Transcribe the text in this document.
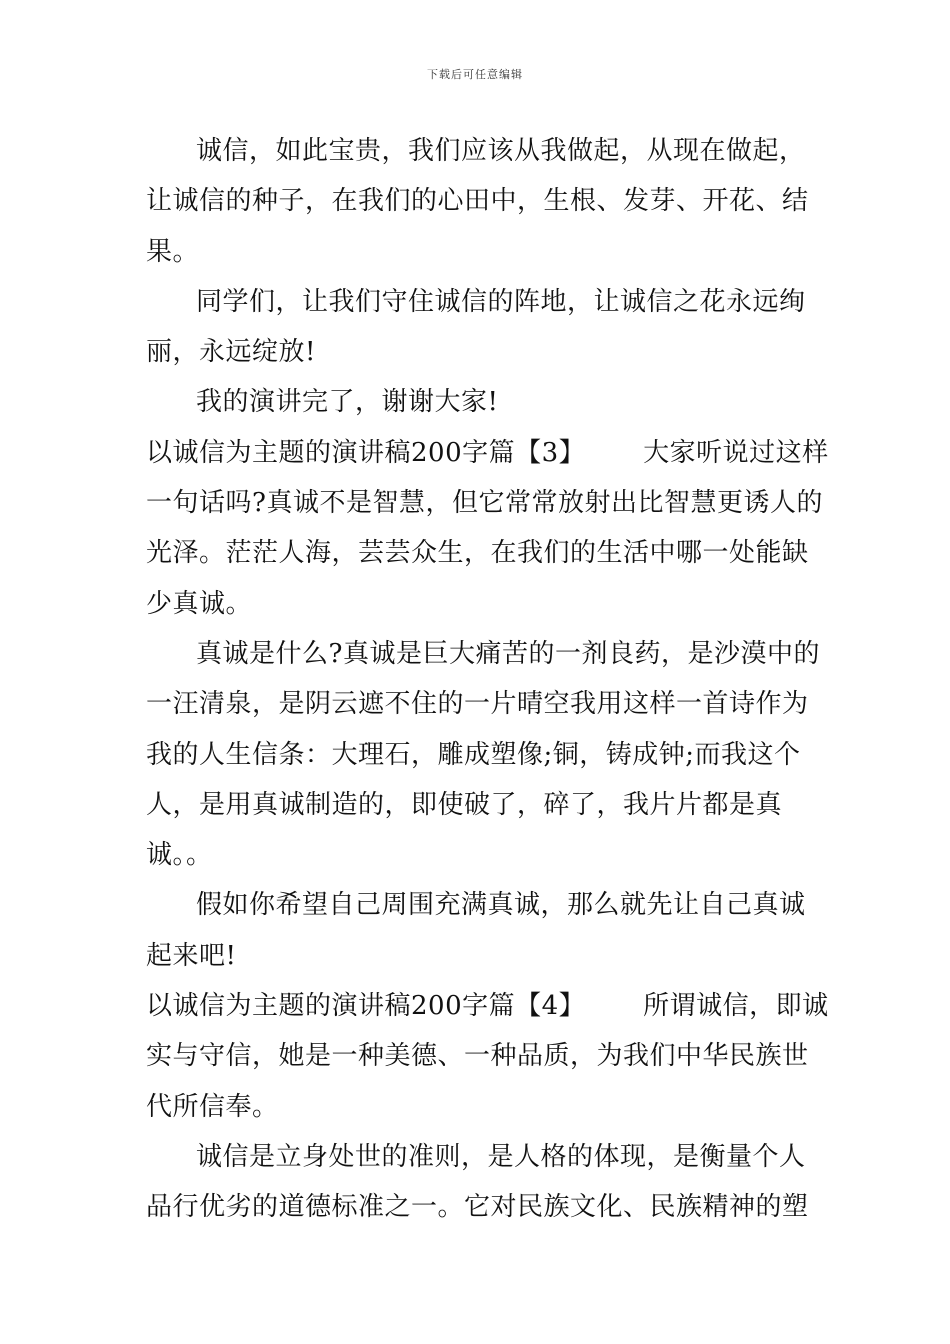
下载后可任意编辑
诚信，如此宝贵，我们应该从我做起，从现在做起，
让诚信的种子，在我们的心田中，生根、发芽、开花、结
果。
同学们，让我们守住诚信的阵地，让诚信之花永远绚
丽，永远绽放!
我的演讲完了，谢谢大家!
以诚信为主题的演讲稿200字篇【3】 大家听说过这样
一句话吗?真诚不是智慧，但它常常放射出比智慧更诱人的
光泽。茫茫人海，芸芸众生，在我们的生活中哪一处能缺
少真诚。
真诚是什么?真诚是巨大痛苦的一剂良药，是沙漠中的
一汪清泉，是阴云遮不住的一片晴空我用这样一首诗作为
我的人生信条：大理石，雕成塑像;铜，铸成钟;而我这个
人，是用真诚制造的，即使破了，碎了，我片片都是真
诚。。
假如你希望自己周围充满真诚，那么就先让自己真诚
起来吧!
以诚信为主题的演讲稿200字篇【4】 所谓诚信，即诚
实与守信，她是一种美德、一种品质，为我们中华民族世
代所信奉。
诚信是立身处世的准则，是人格的体现，是衡量个人
品行优劣的道德标准之一。它对民族文化、民族精神的塑
